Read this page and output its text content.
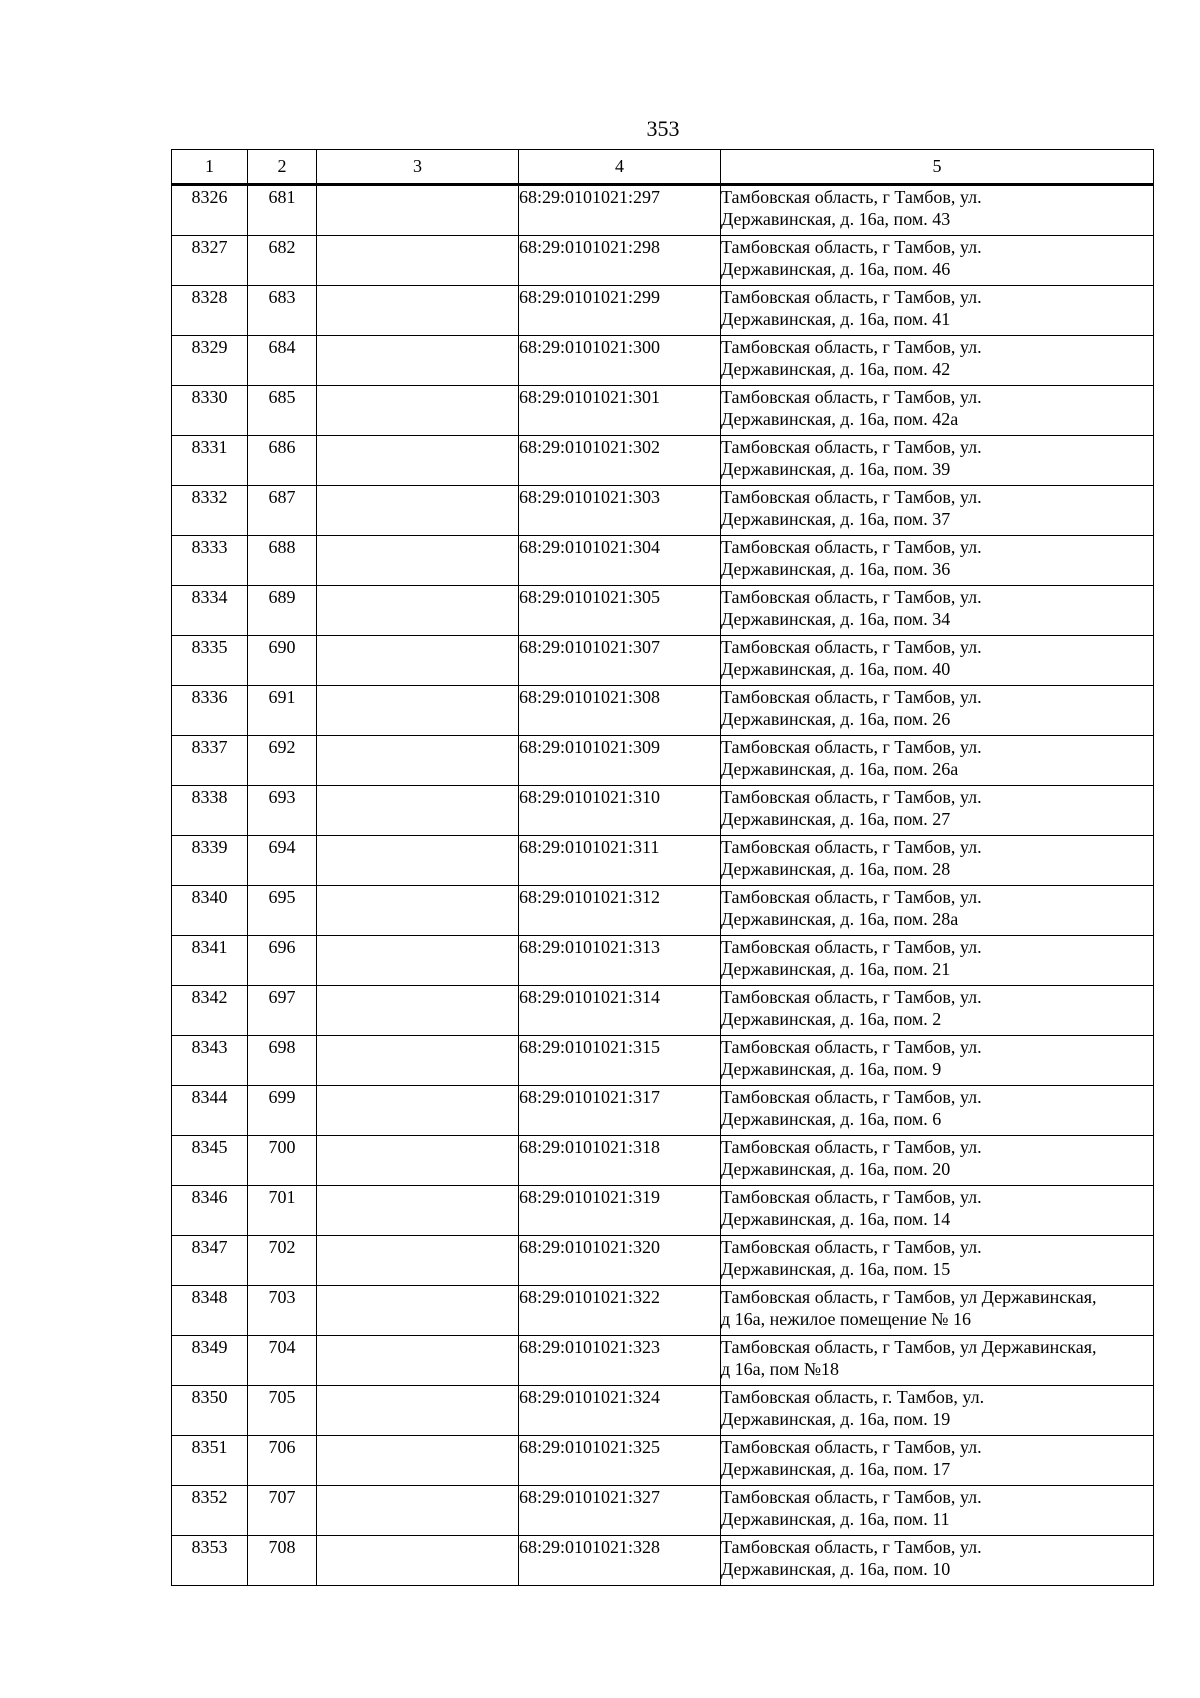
353
1	2	3	4	5
8326	681		68:29:0101021:297	Тамбовская область, г Тамбов, ул.
Державинская, д. 16а, пом. 43

8327	682		68:29:0101021:298	Тамбовская область, г Тамбов, ул.
Державинская, д. 16а, пом. 46

8328	683		68:29:0101021:299	Тамбовская область, г Тамбов, ул.
Державинская, д. 16а, пом. 41

8329	684		68:29:0101021:300	Тамбовская область, г Тамбов, ул.
Державинская, д. 16а, пом. 42

8330	685		68:29:0101021:301	Тамбовская область, г Тамбов, ул.
Державинская, д. 16а, пом. 42а

8331	686		68:29:0101021:302	Тамбовская область, г Тамбов, ул.
Державинская, д. 16а, пом. 39

8332	687		68:29:0101021:303	Тамбовская область, г Тамбов, ул.
Державинская, д. 16а, пом. 37

8333	688		68:29:0101021:304	Тамбовская область, г Тамбов, ул.
Державинская, д. 16а, пом. 36

8334	689		68:29:0101021:305	Тамбовская область, г Тамбов, ул.
Державинская, д. 16а, пом. 34

8335	690		68:29:0101021:307	Тамбовская область, г Тамбов, ул.
Державинская, д. 16а, пом. 40

8336	691		68:29:0101021:308	Тамбовская область, г Тамбов, ул.
Державинская, д. 16а, пом. 26

8337	692		68:29:0101021:309	Тамбовская область, г Тамбов, ул.
Державинская, д. 16а, пом. 26а

8338	693		68:29:0101021:310	Тамбовская область, г Тамбов, ул.
Державинская, д. 16а, пом. 27

8339	694		68:29:0101021:311	Тамбовская область, г Тамбов, ул.
Державинская, д. 16а, пом. 28

8340	695		68:29:0101021:312	Тамбовская область, г Тамбов, ул.
Державинская, д. 16а, пом. 28а

8341	696		68:29:0101021:313	Тамбовская область, г Тамбов, ул.
Державинская, д. 16а, пом. 21

8342	697		68:29:0101021:314	Тамбовская область, г Тамбов, ул.
Державинская, д. 16а, пом. 2

8343	698		68:29:0101021:315	Тамбовская область, г Тамбов, ул.
Державинская, д. 16а, пом. 9

8344	699		68:29:0101021:317	Тамбовская область, г Тамбов, ул.
Державинская, д. 16а, пом. 6

8345	700		68:29:0101021:318	Тамбовская область, г Тамбов, ул.
Державинская, д. 16а, пом. 20

8346	701		68:29:0101021:319	Тамбовская область, г Тамбов, ул.
Державинская, д. 16а, пом. 14

8347	702		68:29:0101021:320	Тамбовская область, г Тамбов, ул.
Державинская, д. 16а, пом. 15

8348	703		68:29:0101021:322	Тамбовская область, г Тамбов, ул Державинская,
д 16а, нежилое помещение № 16

8349	704		68:29:0101021:323	Тамбовская область, г Тамбов, ул Державинская,
д 16а, пом №18

8350	705		68:29:0101021:324	Тамбовская область, г. Тамбов, ул.
Державинская, д. 16а, пом. 19

8351	706		68:29:0101021:325	Тамбовская область, г Тамбов, ул.
Державинская, д. 16а, пом. 17

8352	707		68:29:0101021:327	Тамбовская область, г Тамбов, ул.
Державинская, д. 16а, пом. 11

8353	708		68:29:0101021:328	Тамбовская область, г Тамбов, ул.
Державинская, д. 16а, пом. 10
